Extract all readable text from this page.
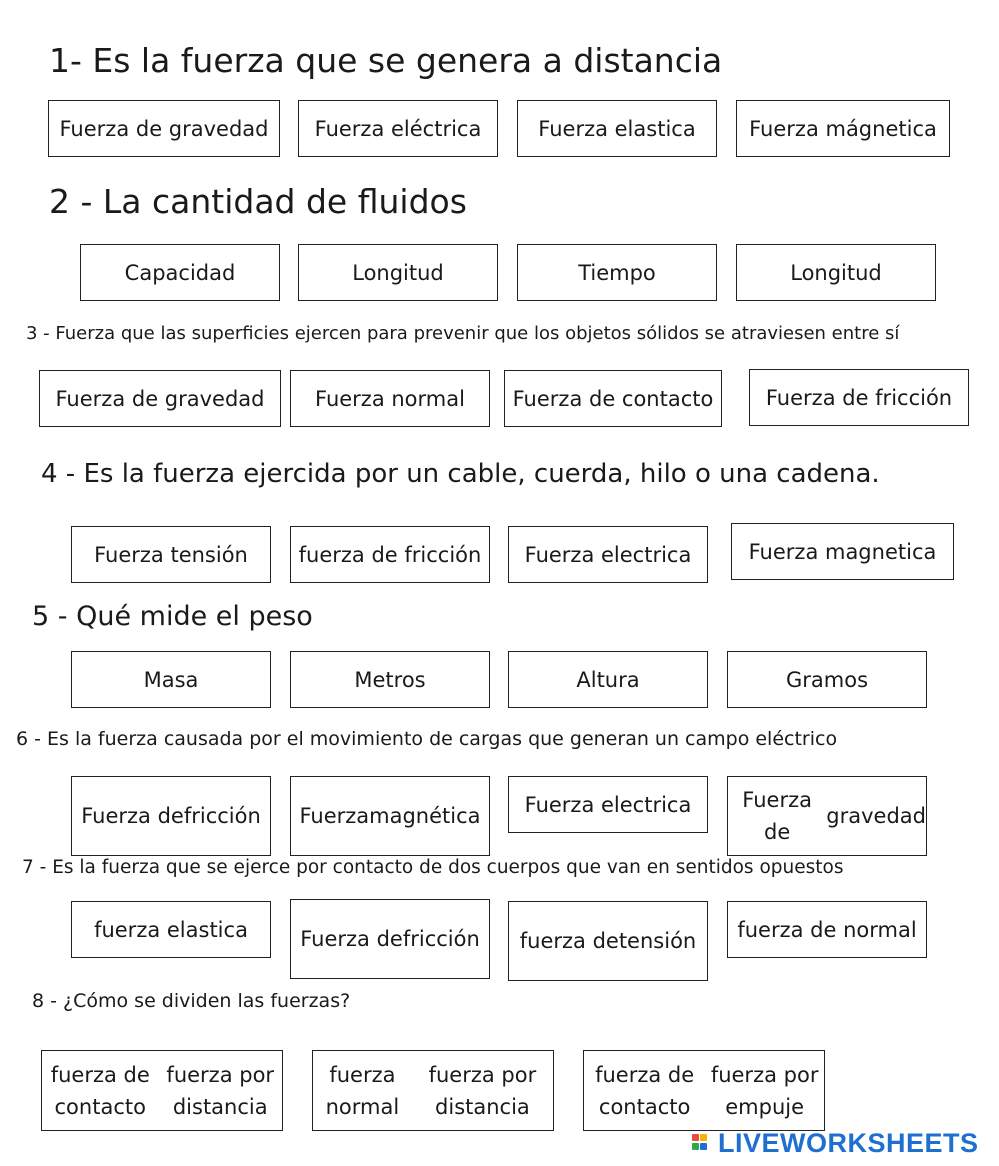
1- Es la fuerza que se genera a distancia

2 - La cantidad de fluidos

3 - Fuerza que las superficies ejercen para prevenir que los objetos sólidos se atraviesen entre sí

4 - Es la fuerza ejercida por un cable, cuerda, hilo o una cadena.

5 - Qué mide el peso

6 - Es la fuerza causada por el movimiento de cargas que generan un campo eléctrico

7 - Es la fuerza que se ejerce por contacto de dos cuerpos que van en sentidos opuestos

8 - ¿Cómo se dividen las fuerzas?

Fuerza de gravedad	Fuerza eléctrica	Fuerza elastica	Fuerza mágnetica
Capacidad	Longitud	Tiempo	Longitud
Fuerza de gravedad	Fuerza normal	Fuerza de contacto	Fuerza de fricción
Fuerza tensión	fuerza de fricción	Fuerza electrica	Fuerza magnetica
Masa	Metros	Altura	Gramos
Fuerza de fricción Fuerza magnética Fuerza electrica	Fuerza de
gravedad
fuerza elastica Fuerza de fricción fuerza de tensión fuerza de normal
fuerza de contacto
fuerza por distancia
fuerza normal
fuerza por distancia
fuerza de contacto
fuerza por empuje
LIVEWORKSHEETS
